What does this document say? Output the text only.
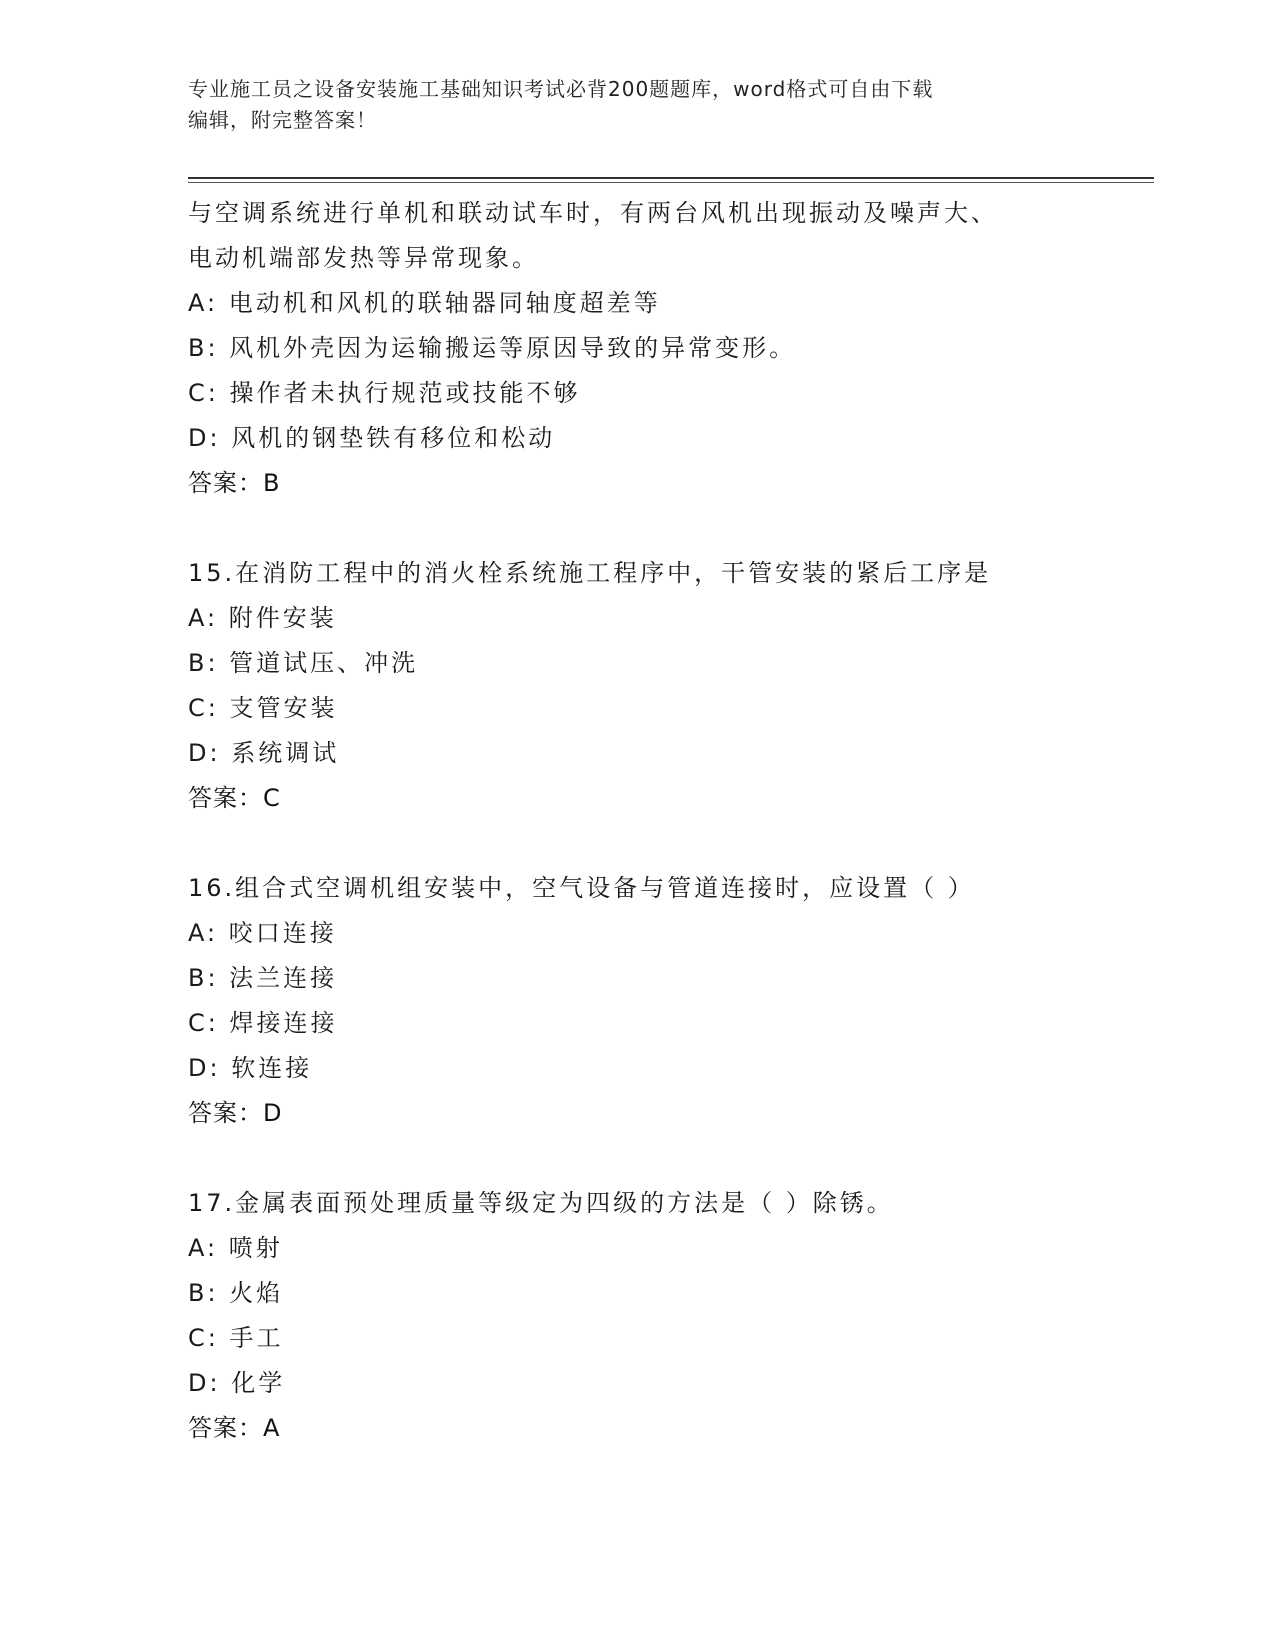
专业施工员之设备安装施工基础知识考试必背200题题库，word格式可自由下载
编辑，附完整答案！
与空调系统进行单机和联动试车时，有两台风机出现振动及噪声大、
电动机端部发热等异常现象。
A: 电动机和风机的联轴器同轴度超差等
B: 风机外壳因为运输搬运等原因导致的异常变形。
C: 操作者未执行规范或技能不够
D: 风机的钢垫铁有移位和松动
答案：B
15.在消防工程中的消火栓系统施工程序中，干管安装的紧后工序是
A: 附件安装
B: 管道试压、冲洗
C: 支管安装
D: 系统调试
答案：C
16.组合式空调机组安装中，空气设备与管道连接时，应设置（ ）
A: 咬口连接
B: 法兰连接
C: 焊接连接
D: 软连接
答案：D
17.金属表面预处理质量等级定为四级的方法是（ ）除锈。
A: 喷射
B: 火焰
C: 手工
D: 化学
答案：A
